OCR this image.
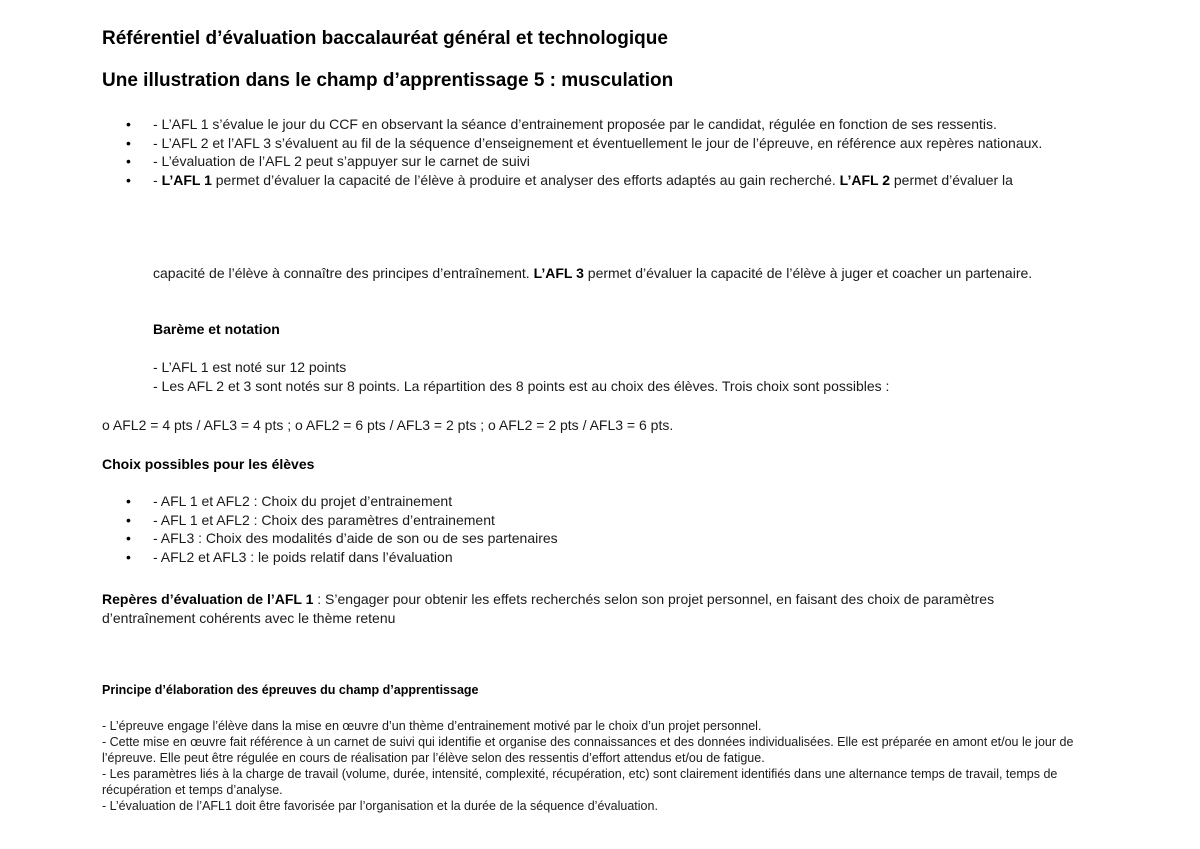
Référentiel d’évaluation baccalauréat général et technologique
Une illustration dans le champ d’apprentissage 5 : musculation
• - L’AFL 1 s’évalue le jour du CCF en observant la séance d’entrainement proposée par le candidat, régulée en fonction de ses ressentis.
• - L’AFL 2 et l’AFL 3 s’évaluent au fil de la séquence d’enseignement et éventuellement le jour de l’épreuve, en référence aux repères nationaux.
• - L’évaluation de l’AFL 2 peut s’appuyer sur le carnet de suivi
• - L’AFL 1 permet d’évaluer la capacité de l’élève à produire et analyser des efforts adaptés au gain recherché. L’AFL 2 permet d’évaluer la
capacité de l’élève à connaître des principes d’entraînement. L’AFL 3 permet d’évaluer la capacité de l’élève à juger et coacher un partenaire.
Barème et notation
- L’AFL 1 est noté sur 12 points
- Les AFL 2 et 3 sont notés sur 8 points. La répartition des 8 points est au choix des élèves. Trois choix sont possibles :
o AFL2 = 4 pts / AFL3 = 4 pts ; o AFL2 = 6 pts / AFL3 = 2 pts ; o AFL2 = 2 pts / AFL3 = 6 pts.
Choix possibles pour les élèves
• - AFL 1 et AFL2 : Choix du projet d’entrainement
• - AFL 1 et AFL2 : Choix des paramètres d’entrainement
• - AFL3 : Choix des modalités d’aide de son ou de ses partenaires
• - AFL2 et AFL3 : le poids relatif dans l’évaluation
Repères d’évaluation de l’AFL 1 : S’engager pour obtenir les effets recherchés selon son projet personnel, en faisant des choix de paramètres d’entraînement cohérents avec le thème retenu
Principe d’élaboration des épreuves du champ d’apprentissage
- L’épreuve engage l’élève dans la mise en œuvre d’un thème d’entrainement motivé par le choix d’un projet personnel.
- Cette mise en œuvre fait référence à un carnet de suivi qui identifie et organise des connaissances et des données individualisées. Elle est préparée en amont et/ou le jour de l’épreuve. Elle peut être régulée en cours de réalisation par l’élève selon des ressentis d’effort attendus et/ou de fatigue.
- Les paramètres liés à la charge de travail (volume, durée, intensité, complexité, récupération, etc) sont clairement identifiés dans une alternance temps de travail, temps de récupération et temps d’analyse.
- L’évaluation de l’AFL1 doit être favorisée par l’organisation et la durée de la séquence d’évaluation.
